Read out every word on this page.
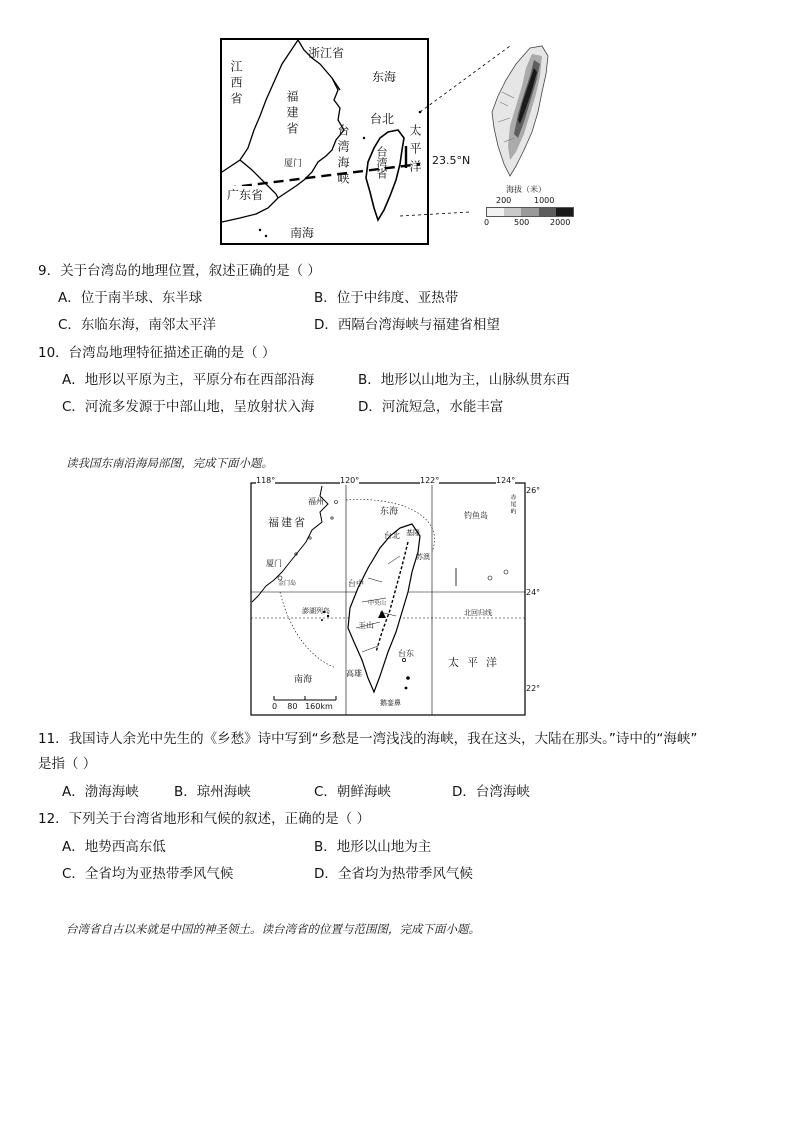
浙江省
东海
江西省
福建省
台湾海峡
台北
台湾省 太平洋
厦门
广东省
南海
23.5°N
海拔（米）
200	1000
0	500	2000
9．关于台湾岛的地理位置，叙述正确的是（ ）
A．位于南半球、东半球	B．位于中纬度、亚热带
C．东临东海，南邻太平洋	D．西隔台湾海峡与福建省相望
10．台湾岛地理特征描述正确的是（ ）
A．地形以平原为主，平原分布在西部沿海	B．地形以山地为主，山脉纵贯东西
C．河流多发源于中部山地，呈放射状入海	D．河流短急，水能丰富
读我国东南沿海局部图，完成下面小题。
118°	120°	122°	124°
26°
24°
22°
福州
福建省
东海	钓鱼岛
赤尾屿
台北 基隆
苏澳
厦门
金门岛	台中
澎湖列岛	北回归线
中央山
玉山
台东
南海
高雄
太平洋
鹅銮鼻
0    80   160km
11．我国诗人余光中先生的《乡愁》诗中写到“乡愁是一湾浅浅的海峡，我在这头，大陆在那头。”诗中的“海峡”
是指（ ）
A．渤海海峡	B．琼州海峡	C．朝鲜海峡	D．台湾海峡
12．下列关于台湾省地形和气候的叙述，正确的是（ ）
A．地势西高东低	B．地形以山地为主
C．全省均为亚热带季风气候	D．全省均为热带季风气候
台湾省自古以来就是中国的神圣领土。读台湾省的位置与范围图，完成下面小题。
